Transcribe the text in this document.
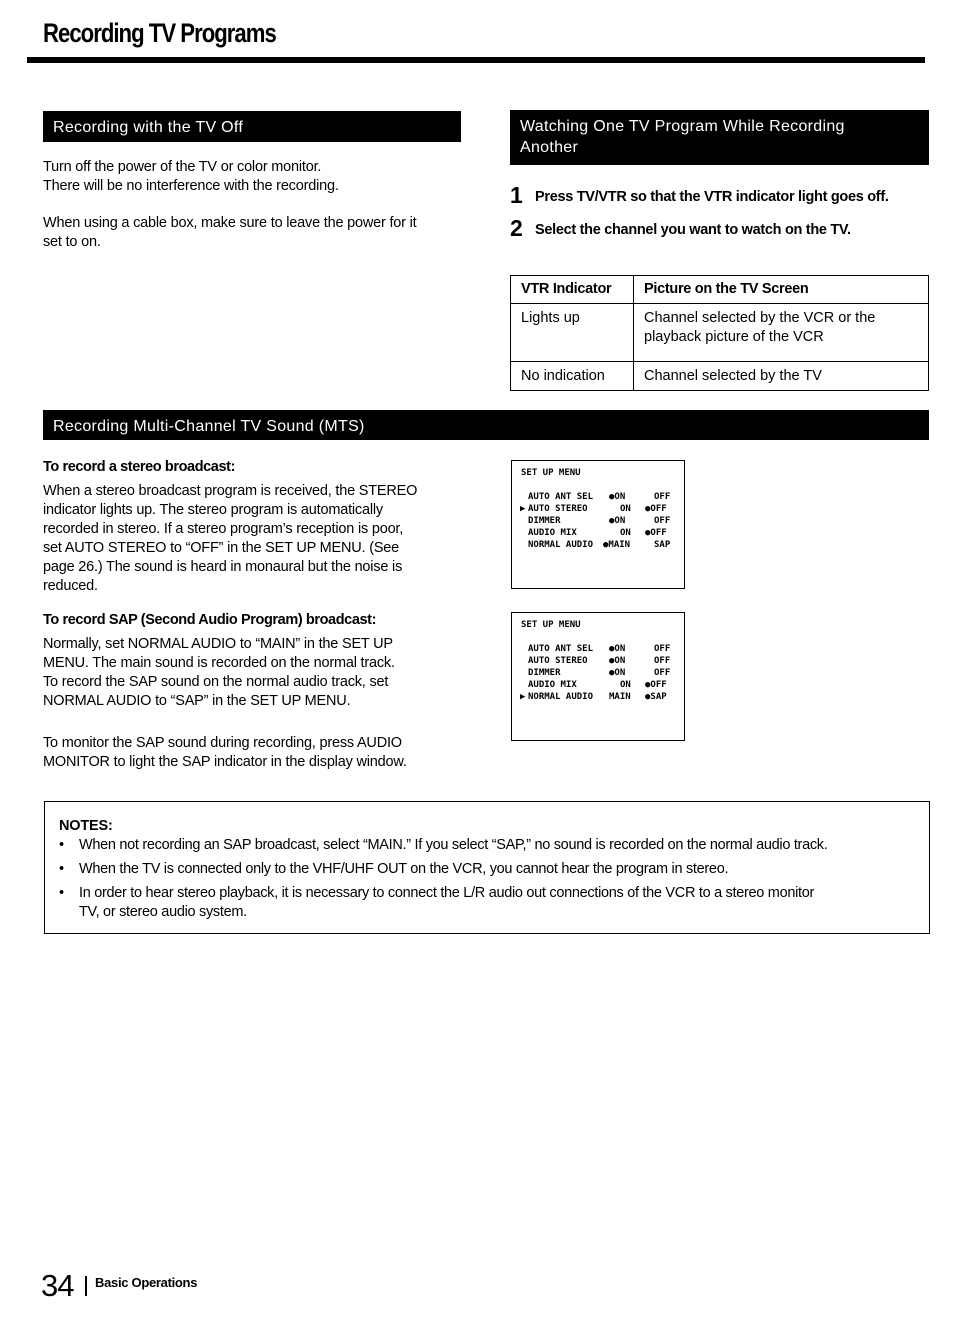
Recording TV Programs
Recording with the TV Off
Turn off the power of the TV or color monitor.
There will be no interference with the recording.
When using a cable box, make sure to leave the power for it
set to on.
Watching One TV Program While Recording
Another
1 Press TV/VTR so that the VTR indicator light goes off.
2 Select the channel you want to watch on the TV.
VTR Indicator	Picture on the TV Screen
Lights up	Channel selected by the VCR or the
playback picture of the VCR

No indication	Channel selected by the TV
Recording Multi-Channel TV Sound (MTS)
To record a stereo broadcast:
When a stereo broadcast program is received, the STEREO
indicator lights up. The stereo program is automatically
recorded in stereo. If a stereo program’s reception is poor,
set AUTO STEREO to “OFF” in the SET UP MENU. (See
page 26.) The sound is heard in monaural but the noise is
reduced.
To record SAP (Second Audio Program) broadcast:
Normally, set NORMAL AUDIO to “MAIN” in the SET UP
MENU. The main sound is recorded on the normal track.
To record the SAP sound on the normal audio track, set
NORMAL AUDIO to “SAP” in the SET UP MENU.
To monitor the SAP sound during recording, press AUDIO
MONITOR to light the SAP indicator in the display window.
SET UP MENU
AUTO ANT SEL ●ON	OFF
▶ AUTO STEREO	ON ●OFF
DIMMER	●ON	OFF
AUDIO MIX	ON ●OFF
NORMAL AUDIO ●MAIN	SAP
SET UP MENU
AUTO ANT SEL ●ON	OFF
AUTO STEREO ●ON	OFF
DIMMER	●ON	OFF
AUDIO MIX	ON ●OFF
▶ NORMAL AUDIO MAIN ●SAP
NOTES:
• When not recording an SAP broadcast, select “MAIN.” If you select “SAP,” no sound is recorded on the normal audio track.
• When the TV is connected only to the VHF/UHF OUT on the VCR, you cannot hear the program in stereo.
• In order to hear stereo playback, it is necessary to connect the L/R audio out connections of the VCR to a stereo monitor
TV, or stereo audio system.
34 Basic Operations
